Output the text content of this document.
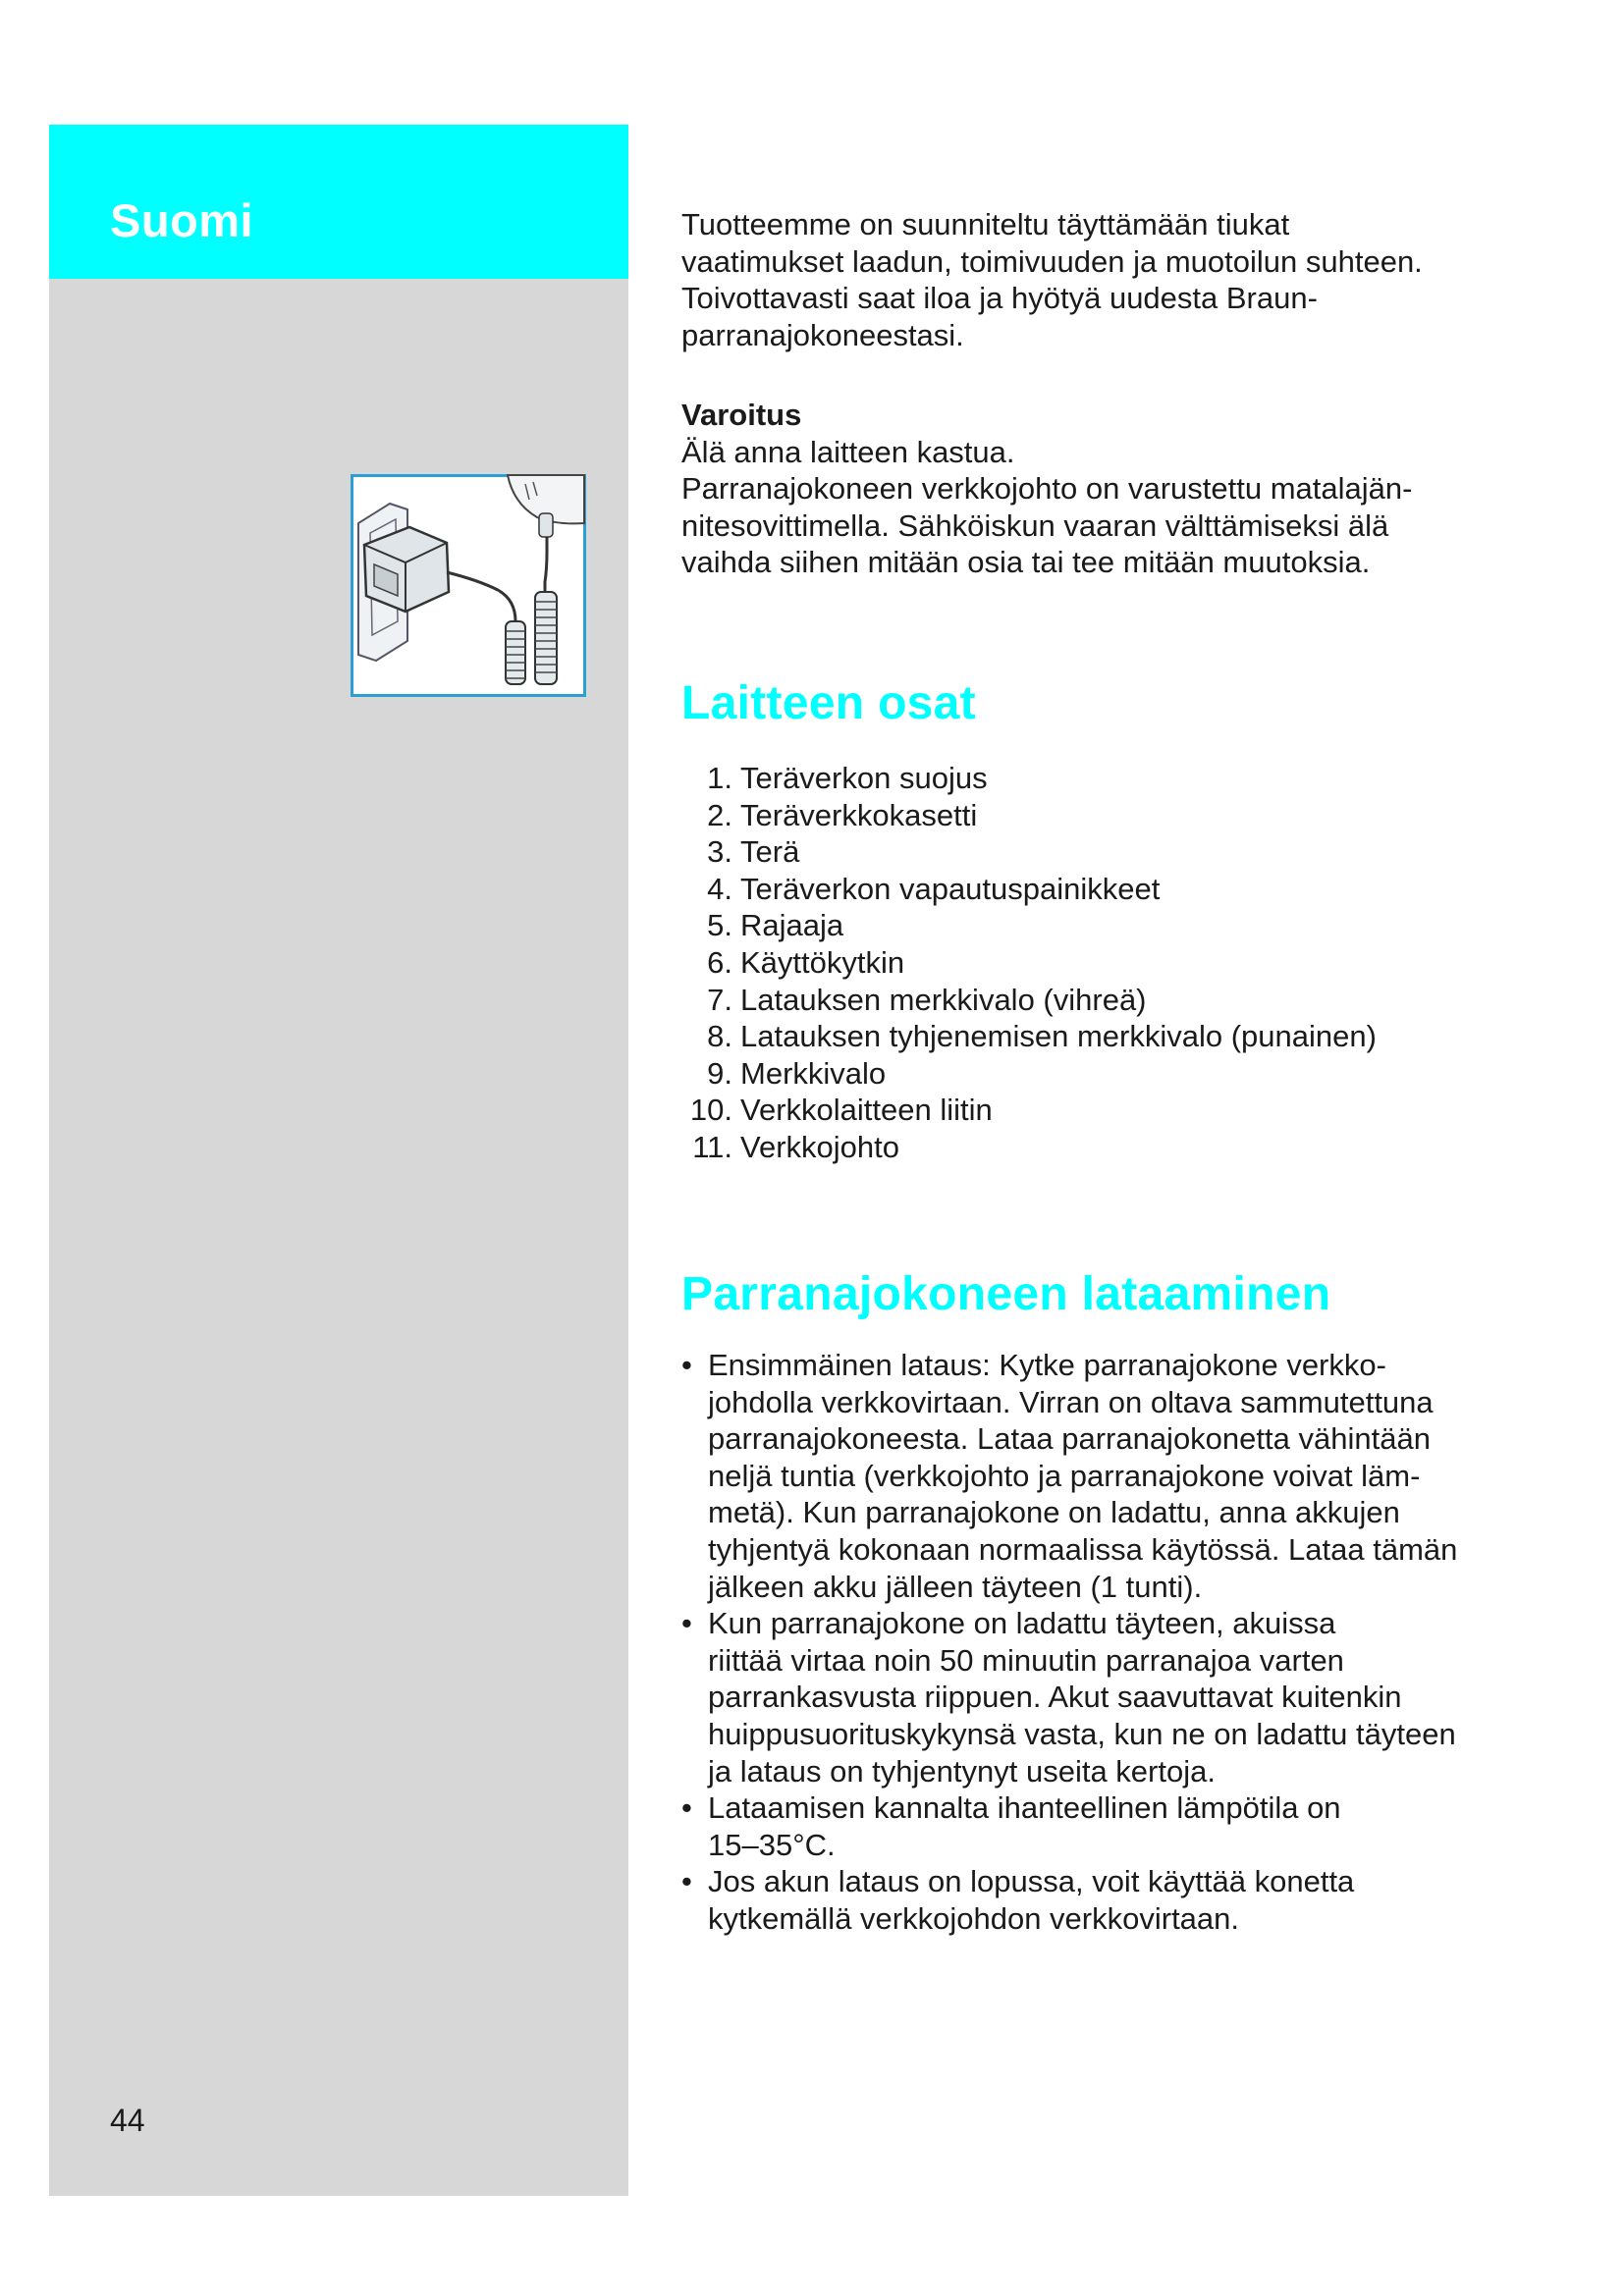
Suomi
44

Tuotteemme on suunniteltu täyttämään tiukat
vaatimukset laadun, toimivuuden ja muotoilun suhteen.
Toivottavasti saat iloa ja hyötyä uudesta Braun-
parranajokoneestasi.

Varoitus
Älä anna laitteen kastua.
Parranajokoneen verkkojohto on varustettu matalajän-
nitesovittimella. Sähköiskun vaaran välttämiseksi älä
vaihda siihen mitään osia tai tee mitään muutoksia.

Laitteen osat
1. Teräverkon suojus
2. Teräverkkokasetti
3. Terä
4. Teräverkon vapautuspainikkeet
5. Rajaaja
6. Käyttökytkin
7. Latauksen merkkivalo (vihreä)
8. Latauksen tyhjenemisen merkkivalo (punainen)
9. Merkkivalo
10. Verkkolaitteen liitin
11. Verkkojohto
Parranajokoneen lataaminen
• Ensimmäinen lataus: Kytke parranajokone verkko-
johdolla verkkovirtaan. Virran on oltava sammutettuna
parranajokoneesta. Lataa parranajokonetta vähintään
neljä tuntia (verkkojohto ja parranajokone voivat läm-
metä). Kun parranajokone on ladattu, anna akkujen
tyhjentyä kokonaan normaalissa käytössä. Lataa tämän
jälkeen akku jälleen täyteen (1 tunti).
• Kun parranajokone on ladattu täyteen, akuissa
riittää virtaa noin 50 minuutin parranajoa varten
parrankasvusta riippuen. Akut saavuttavat kuitenkin
huippusuorituskykynsä vasta, kun ne on ladattu täyteen
ja lataus on tyhjentynyt useita kertoja.
• Lataamisen kannalta ihanteellinen lämpötila on
15–35°C.
• Jos akun lataus on lopussa, voit käyttää konetta
kytkemällä verkkojohdon verkkovirtaan.
